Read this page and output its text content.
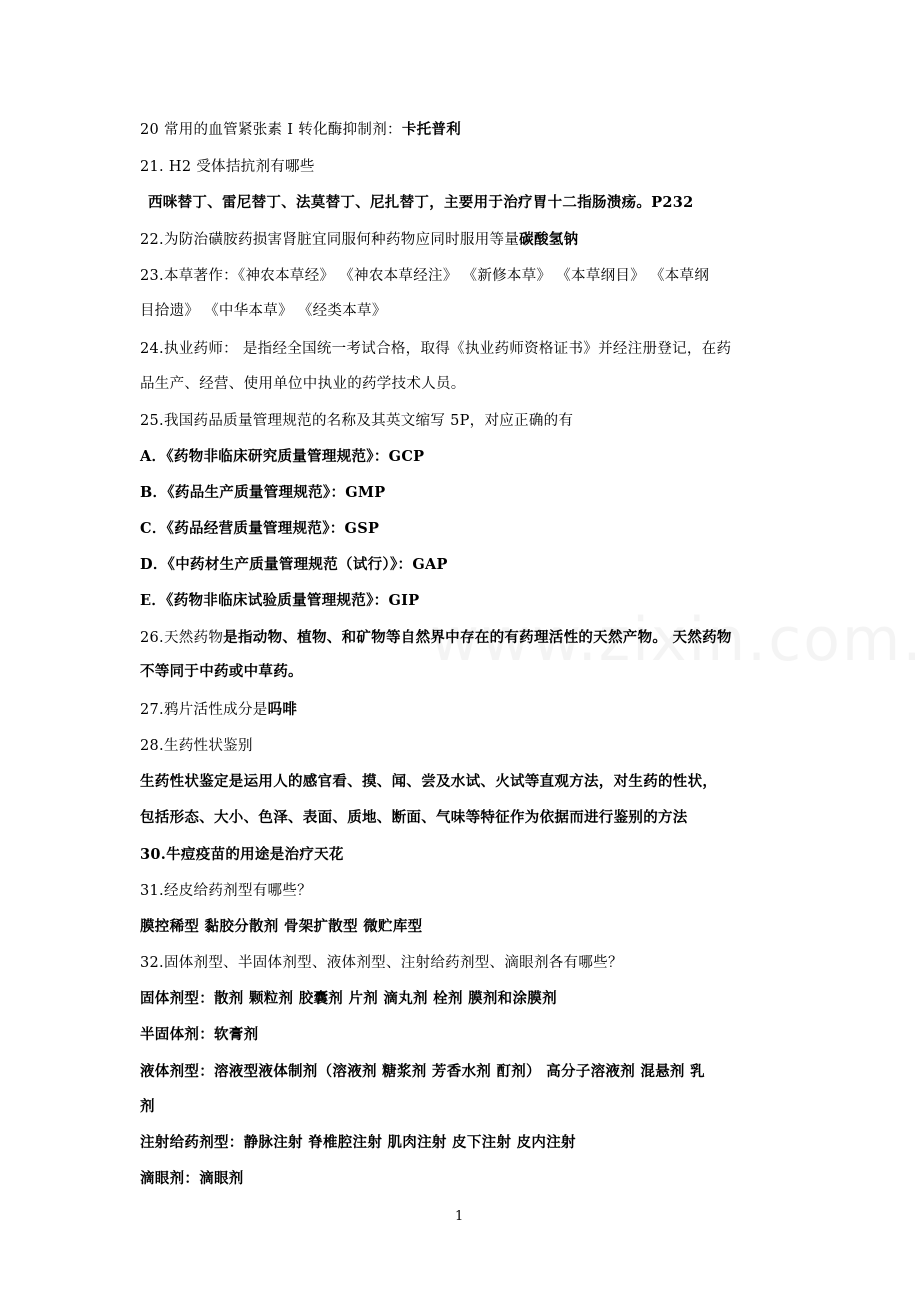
20 常用的血管紧张素 I 转化酶抑制剂：卡托普利
21. H2 受体拮抗剂有哪些
西咪替丁、雷尼替丁、法莫替丁、尼扎替丁，主要用于治疗胃十二指肠溃疡。P232
22.为防治磺胺药损害肾脏宜同服何种药物应同时服用等量碳酸氢钠
23.本草著作：《神农本草经》 《神农本草经注》 《新修本草》 《本草纲目》 《本草纲
目拾遗》 《中华本草》 《经类本草》
24.执业药师： 是指经全国统一考试合格，取得《执业药师资格证书》并经注册登记，在药
品生产、经营、使用单位中执业的药学技术人员。
25.我国药品质量管理规范的名称及其英文缩写 5P，对应正确的有
A．《药物非临床研究质量管理规范》：GCP
B．《药品生产质量管理规范》：GMP
C．《药品经营质量管理规范》：GSP
D．《中药材生产质量管理规范（试行）》：GAP
E．《药物非临床试验质量管理规范》：GIP
26.天然药物是指动物、植物、和矿物等自然界中存在的有药理活性的天然产物。 天然药物
不等同于中药或中草药。
27.鸦片活性成分是吗啡
28.生药性状鉴别
生药性状鉴定是运用人的感官看、摸、闻、尝及水试、火试等直观方法，对生药的性状，
包括形态、大小、色泽、表面、质地、断面、气味等特征作为依据而进行鉴别的方法
30.牛痘疫苗的用途是治疗天花
31.经皮给药剂型有哪些？
膜控稀型 黏胶分散剂 骨架扩散型 微贮库型
32.固体剂型、半固体剂型、液体剂型、注射给药剂型、滴眼剂各有哪些？
固体剂型：散剂 颗粒剂 胶囊剂 片剂 滴丸剂 栓剂 膜剂和涂膜剂
半固体剂：软膏剂
液体剂型：溶液型液体制剂（溶液剂 糖浆剂 芳香水剂 酊剂） 高分子溶液剂 混悬剂 乳
剂
注射给药剂型：静脉注射 脊椎腔注射 肌肉注射 皮下注射 皮内注射
滴眼剂：滴眼剂
1
